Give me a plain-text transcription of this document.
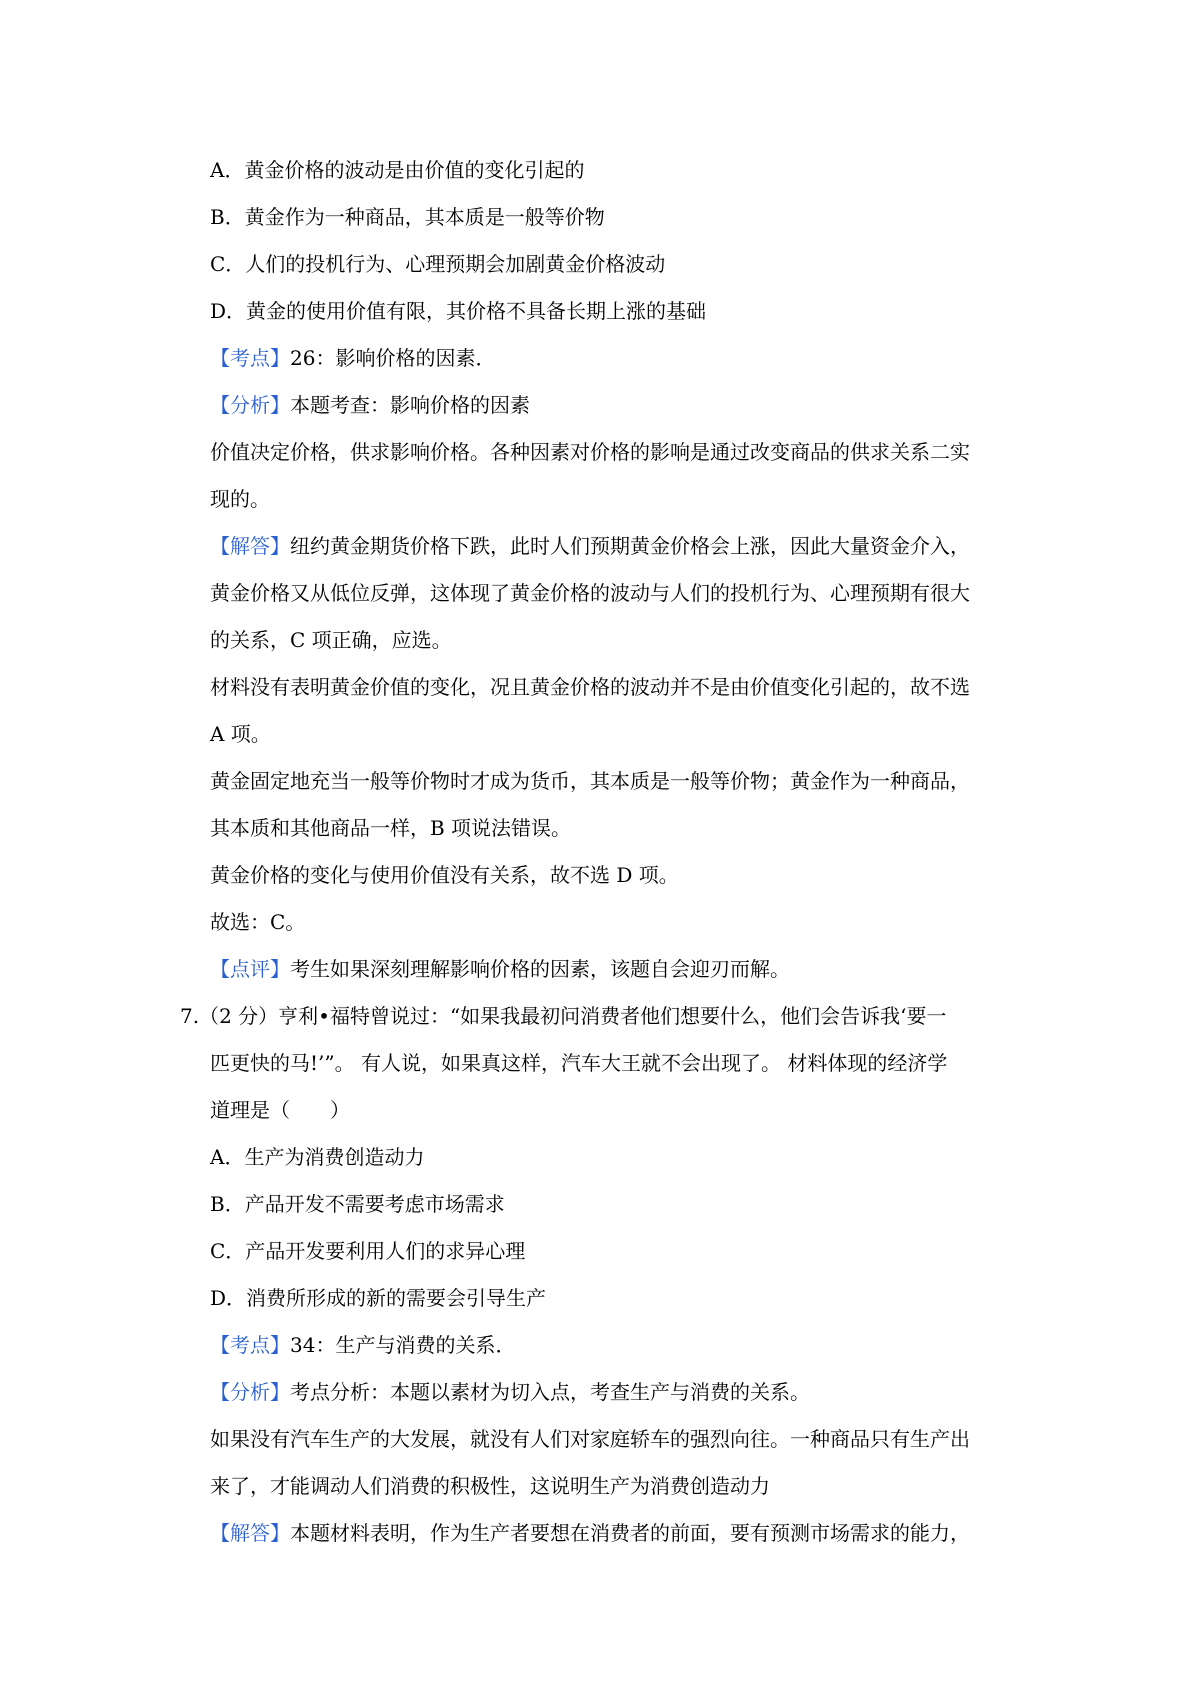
A．黄金价格的波动是由价值的变化引起的
B．黄金作为一种商品，其本质是一般等价物
C．人们的投机行为、心理预期会加剧黄金价格波动
D．黄金的使用价值有限，其价格不具备长期上涨的基础
【考点】26：影响价格的因素．
【分析】本题考查：影响价格的因素
价值决定价格，供求影响价格。各种因素对价格的影响是通过改变商品的供求关系二实
现的。
【解答】纽约黄金期货价格下跌，此时人们预期黄金价格会上涨，因此大量资金介入，
黄金价格又从低位反弹，这体现了黄金价格的波动与人们的投机行为、心理预期有很大
的关系，C 项正确，应选。
材料没有表明黄金价值的变化，况且黄金价格的波动并不是由价值变化引起的，故不选
A 项。
黄金固定地充当一般等价物时才成为货币，其本质是一般等价物；黄金作为一种商品，
其本质和其他商品一样，B 项说法错误。
黄金价格的变化与使用价值没有关系，故不选 D 项。
故选：C。
【点评】考生如果深刻理解影响价格的因素，该题自会迎刃而解。
7.（2 分）亨利•福特曾说过：“如果我最初问消费者他们想要什么，他们会告诉我‘要一
匹更快的马!’”。 有人说，如果真这样，汽车大王就不会出现了。 材料体现的经济学
道理是（　　）
A．生产为消费创造动力
B．产品开发不需要考虑市场需求
C．产品开发要利用人们的求异心理
D．消费所形成的新的需要会引导生产
【考点】34：生产与消费的关系．
【分析】考点分析：本题以素材为切入点，考查生产与消费的关系。
如果没有汽车生产的大发展，就没有人们对家庭轿车的强烈向往。一种商品只有生产出
来了，才能调动人们消费的积极性，这说明生产为消费创造动力
【解答】本题材料表明，作为生产者要想在消费者的前面，要有预测市场需求的能力，
